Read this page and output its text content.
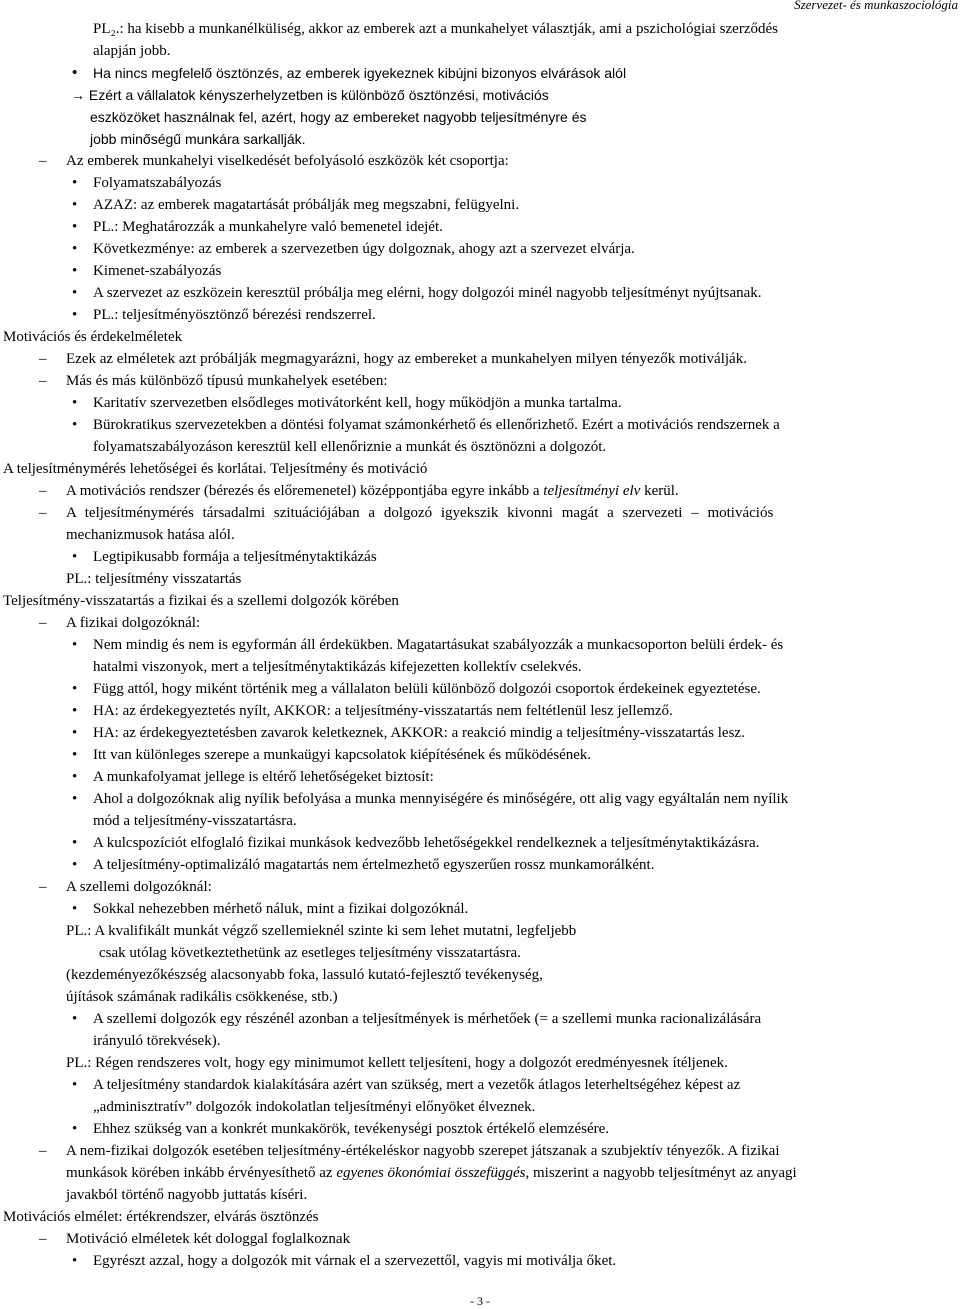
Szervezet- és munkaszociológia

PL₂.: ha kisebb a munkanélküliség, akkor az emberek azt a munkahelyet választják, ami a pszichológiai szerződés

alapján jobb.

• Ha nincs megfelelő ösztönzés, az emberek igyekeznek kibújni bizonyos elvárások alól

→ Ezért a vállalatok kényszerhelyzetben is különböző ösztönzési, motivációs

eszközöket használnak fel, azért, hogy az embereket nagyobb teljesítményre és

jobb minőségű munkára sarkallják.

– Az emberek munkahelyi viselkedését befolyásoló eszközök két csoportja:

• Folyamatszabályozás

• AZAZ: az emberek magatartását próbálják meg megszabni, felügyelni.

• PL.: Meghatározzák a munkahelyre való bemenetel idejét.

• Következménye: az emberek a szervezetben úgy dolgoznak, ahogy azt a szervezet elvárja.

• Kimenet-szabályozás

• A szervezet az eszközein keresztül próbálja meg elérni, hogy dolgozói minél nagyobb teljesítményt nyújtsanak.

• PL.: teljesítményösztönző bérezési rendszerrel.

Motivációs és érdekelméletek

– Ezek az elméletek azt próbálják megmagyarázni, hogy az embereket a munkahelyen milyen tényezők motiválják.

– Más és más különböző típusú munkahelyek esetében:

• Karitatív szervezetben elsődleges motivátorként kell, hogy működjön a munka tartalma.

• Bürokratikus szervezetekben a döntési folyamat számonkérhető és ellenőrizhető. Ezért a motivációs rendszernek a

folyamatszabályozáson keresztül kell ellenőriznie a munkát és ösztönözni a dolgozót.

A teljesítménymérés lehetőségei és korlátai. Teljesítmény és motiváció

– A motivációs rendszer (bérezés és előremenetel) középpontjába egyre inkább a teljesítményi elv kerül.

– A teljesítménymérés társadalmi szituációjában a dolgozó igyekszik kivonni magát a szervezeti – motivációs

mechanizmusok hatása alól.

• Legtipikusabb formája a teljesítménytaktikázás

PL.: teljesítmény visszatartás

Teljesítmény-visszatartás a fizikai és a szellemi dolgozók körében

– A fizikai dolgozóknál:

• Nem mindig és nem is egyformán áll érdekükben. Magatartásukat szabályozzák a munkacsoporton belüli érdek- és

hatalmi viszonyok, mert a teljesítménytaktikázás kifejezetten kollektív cselekvés.

• Függ attól, hogy miként történik meg a vállalaton belüli különböző dolgozói csoportok érdekeinek egyeztetése.

• HA: az érdekegyeztetés nyílt, AKKOR: a teljesítmény-visszatartás nem feltétlenül lesz jellemző.

• HA: az érdekegyeztetésben zavarok keletkeznek, AKKOR: a reakció mindig a teljesítmény-visszatartás lesz.

• Itt van különleges szerepe a munkaügyi kapcsolatok kiépítésének és működésének.

• A munkafolyamat jellege is eltérő lehetőségeket biztosít:

• Ahol a dolgozóknak alig nyílik befolyása a munka mennyiségére és minőségére, ott alig vagy egyáltalán nem nyílik

mód a teljesítmény-visszatartásra.

• A kulcspozíciót elfoglaló fizikai munkások kedvezőbb lehetőségekkel rendelkeznek a teljesítménytaktikázásra.

• A teljesítmény-optimalizáló magatartás nem értelmezhető egyszerűen rossz munkamorálként.

– A szellemi dolgozóknál:

• Sokkal nehezebben mérhető náluk, mint a fizikai dolgozóknál.

PL.: A kvalifikált munkát végző szellemieknél szinte ki sem lehet mutatni, legfeljebb

csak utólag következtethetünk az esetleges teljesítmény visszatartásra.

(kezdeményezőkészség alacsonyabb foka, lassuló kutató-fejlesztő tevékenység,

újítások számának radikális csökkenése, stb.)

• A szellemi dolgozók egy részénél azonban a teljesítmények is mérhetőek (= a szellemi munka racionalizálására

irányuló törekvések).

PL.: Régen rendszeres volt, hogy egy minimumot kellett teljesíteni, hogy a dolgozót eredményesnek ítéljenek.

• A teljesítmény standardok kialakítására azért van szükség, mert a vezetők átlagos leterheltségéhez képest az

„adminisztratív” dolgozók indokolatlan teljesítményi előnyöket élveznek.

• Ehhez szükség van a konkrét munkakörök, tevékenységi posztok értékelő elemzésére.

– A nem-fizikai dolgozók esetében teljesítmény-értékeléskor nagyobb szerepet játszanak a szubjektív tényezők. A fizikai

munkások körében inkább érvényesíthető az egyenes ökonómiai összefüggés, miszerint a nagyobb teljesítményt az anyagi

javakból történő nagyobb juttatás kíséri.

Motivációs elmélet: értékrendszer, elvárás ösztönzés

– Motiváció elméletek két dologgal foglalkoznak

• Egyrészt azzal, hogy a dolgozók mit várnak el a szervezettől, vagyis mi motiválja őket.

- 3 -
